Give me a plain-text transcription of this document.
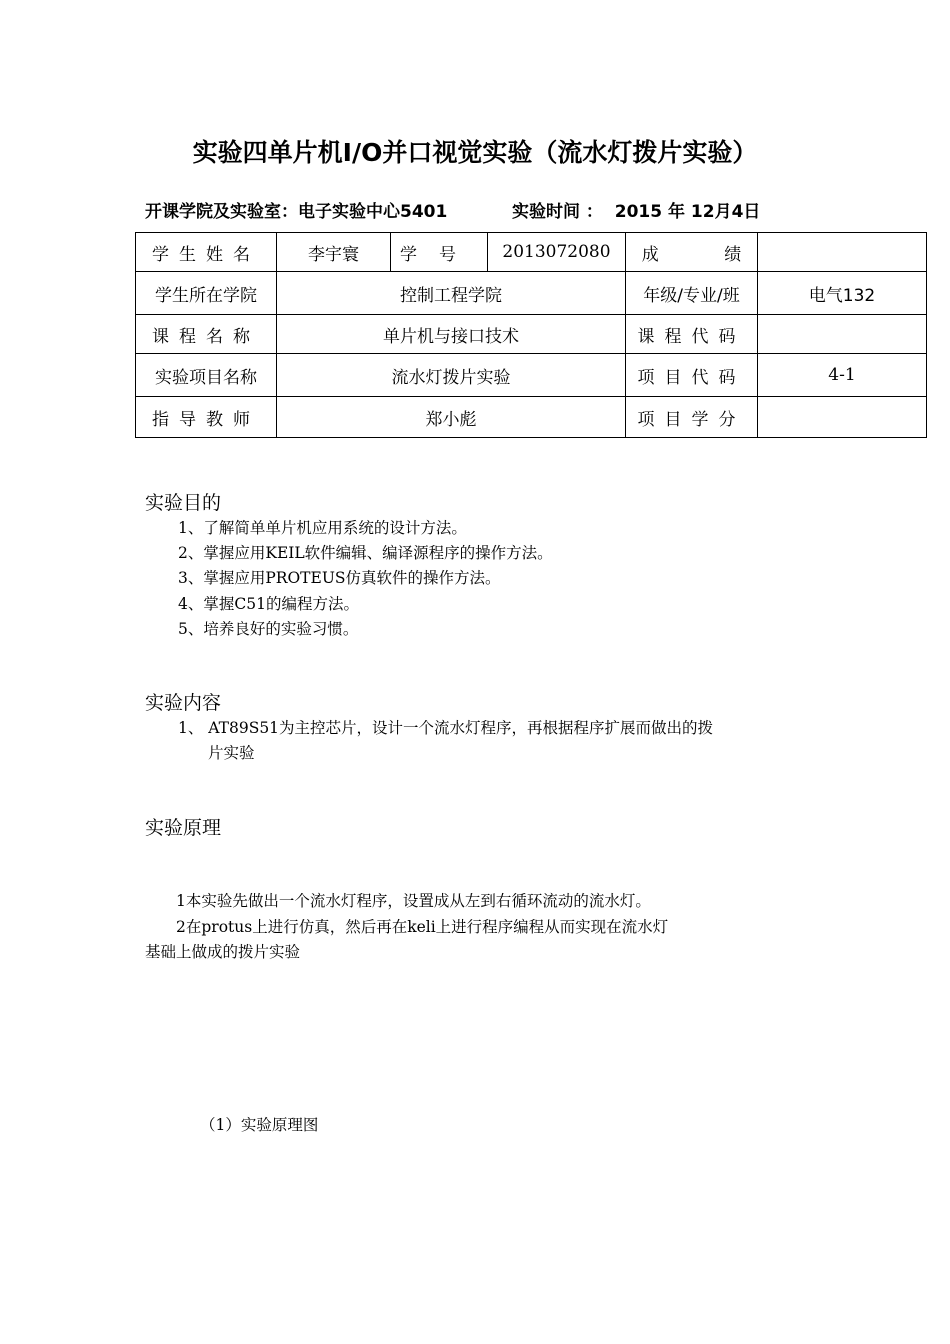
实验四单片机I/O并口视觉实验（流水灯拨片实验）
开课学院及实验室：电子实验中心5401	实验时间 ： 2015 年 12月4日
学生姓名	李宇寰	学号	2013072080	成 绩	
学生所在学院	控制工程学院			年级/专业/班	电气132
课程名称	单片机与接口技术			课程代码	
实验项目名称	流水灯拨片实验			项目代码	4-1
指导教师	郑小彪			项目学分	
实验目的
1、了解简单单片机应用系统的设计方法。
2、掌握应用KEIL软件编辑、编译源程序的操作方法。
3、掌握应用PROTEUS仿真软件的操作方法。
4、掌握C51的编程方法。
5、培养良好的实验习惯。
实验内容
1、 AT89S51为主控芯片，设计一个流水灯程序，再根据程序扩展而做出的拨
片实验
实验原理
1本实验先做出一个流水灯程序，设置成从左到右循环流动的流水灯。
2在protus上进行仿真，然后再在keli上进行程序编程从而实现在流水灯
基础上做成的拨片实验
（1）实验原理图
